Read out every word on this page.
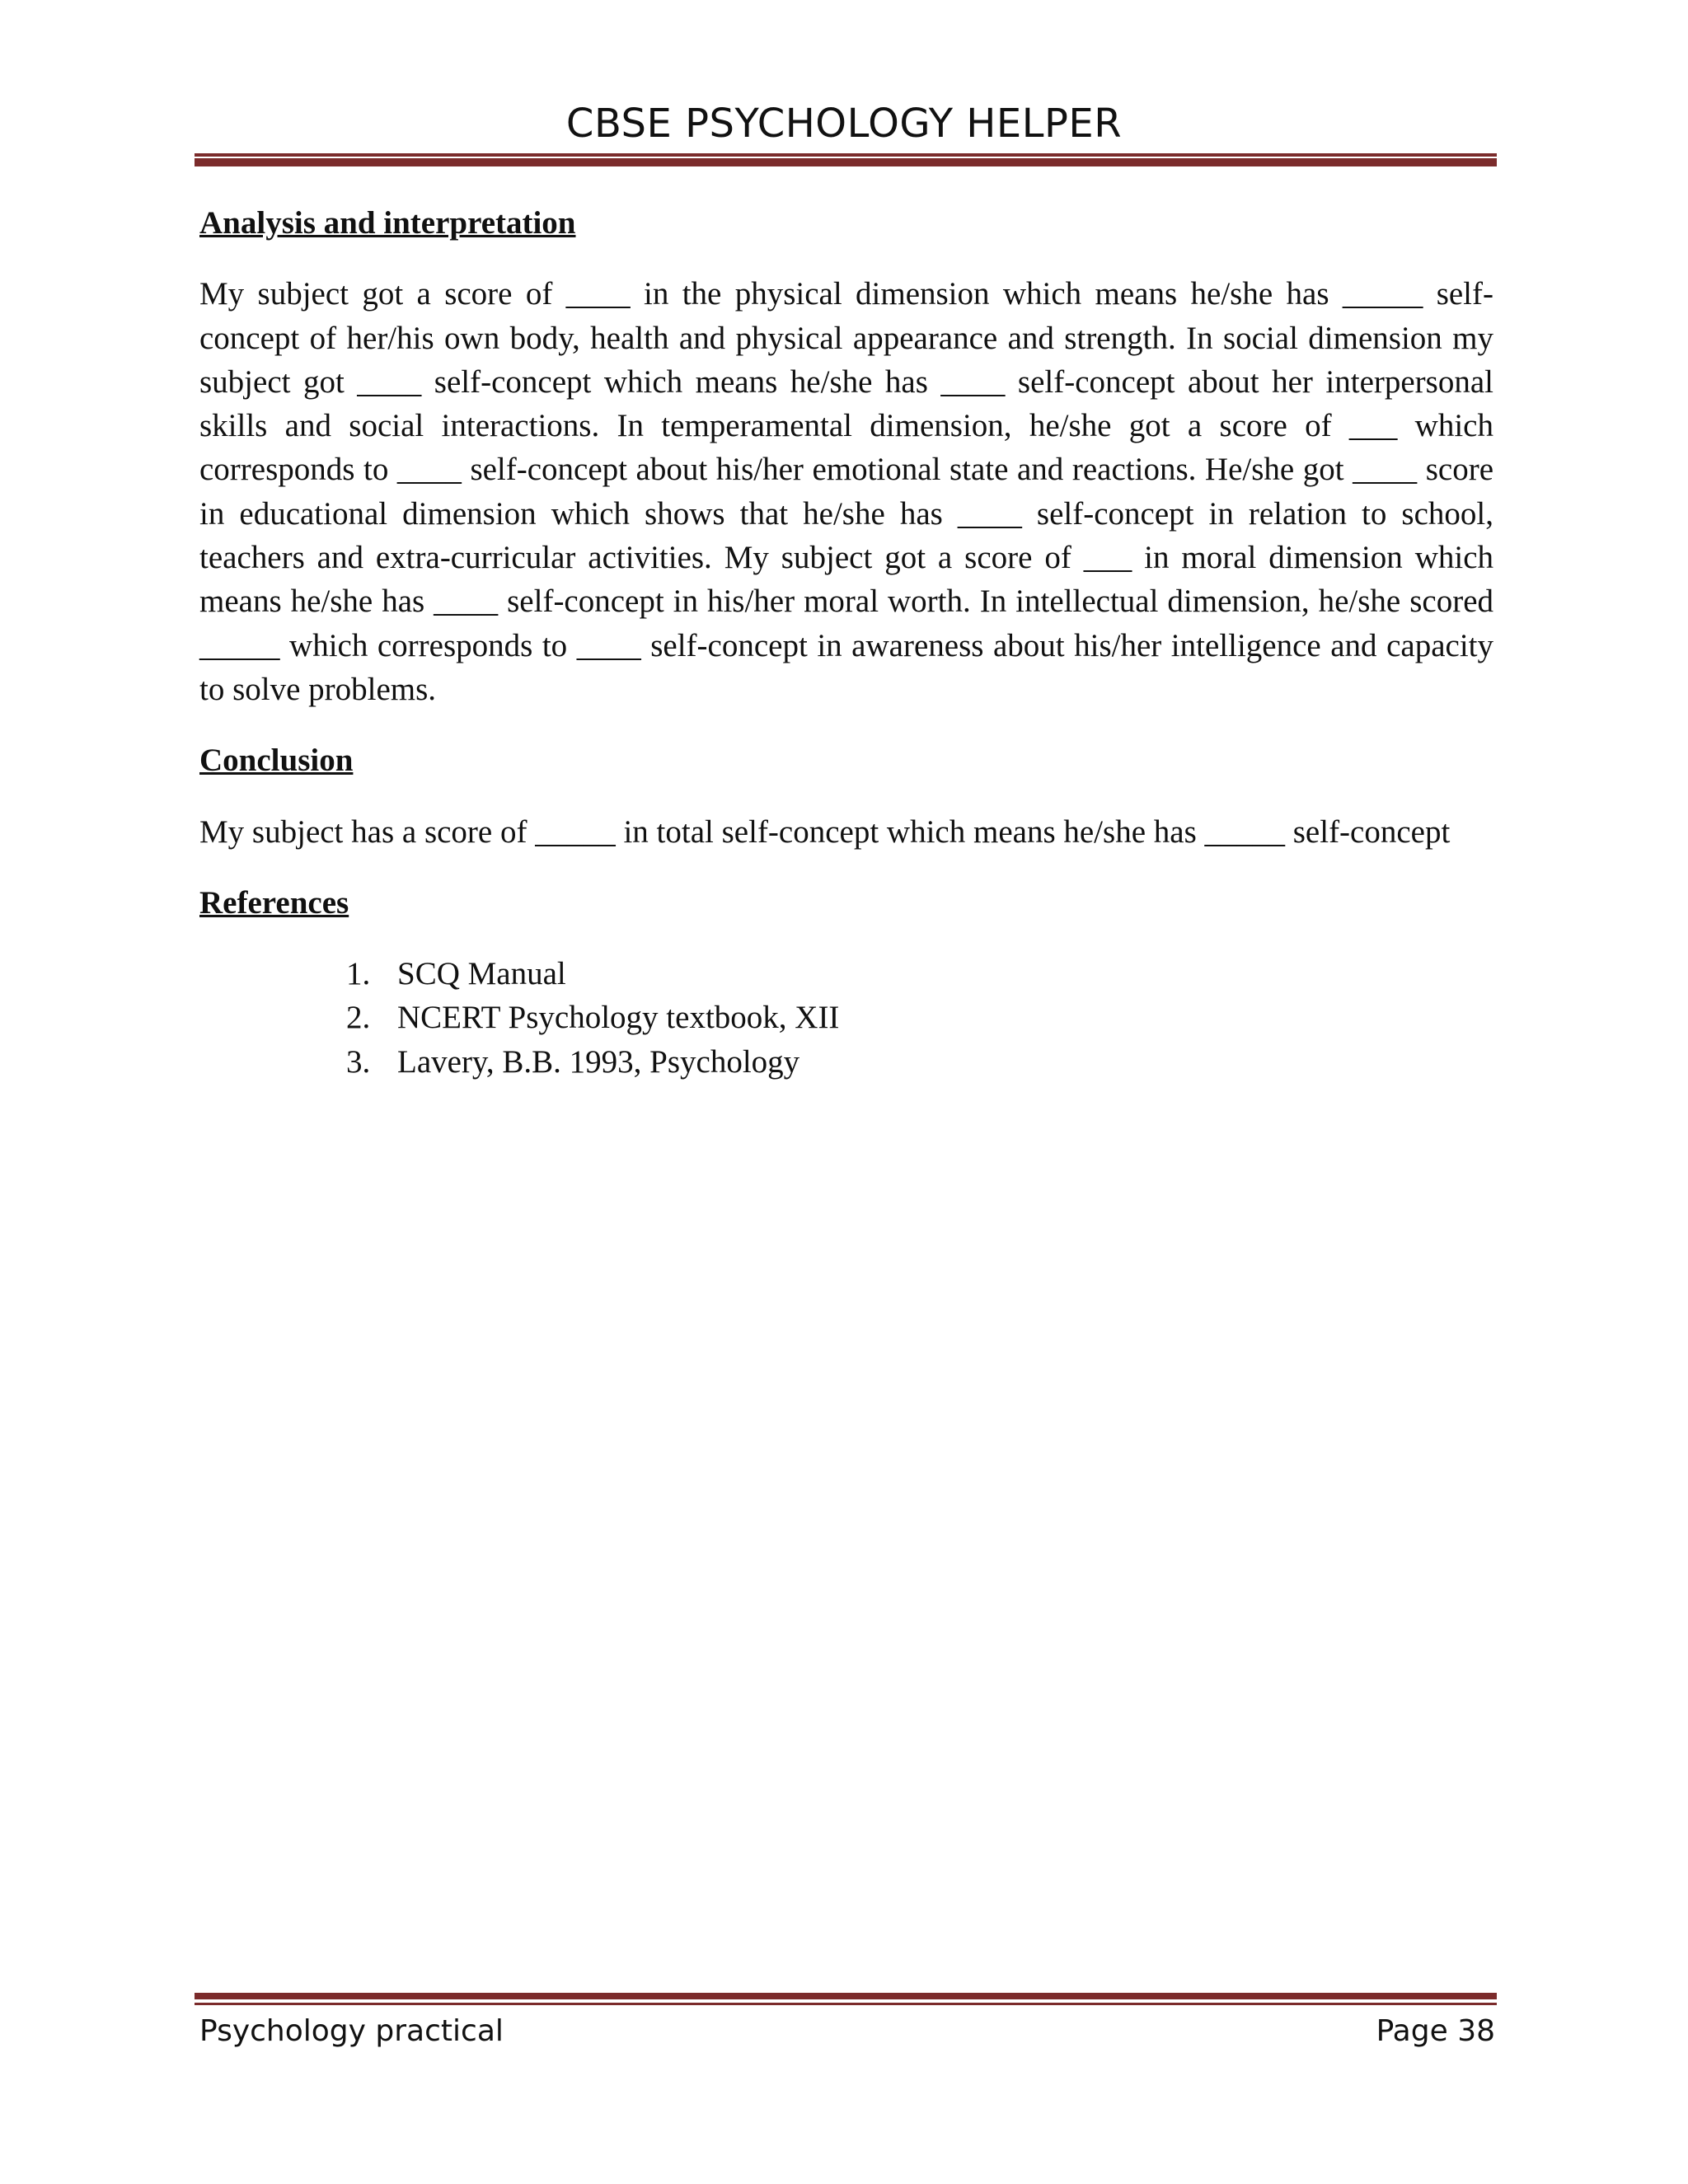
CBSE PSYCHOLOGY HELPER

Analysis and interpretation

My subject got a score of ____ in the physical dimension which means he/she has _____ self-concept of her/his own body, health and physical appearance and strength. In social dimension my subject got ____ self-concept which means he/she has ____ self-concept about her interpersonal skills and social interactions. In temperamental dimension, he/she got a score of ___ which corresponds to ____ self-concept about his/her emotional state and reactions. He/she got ____ score in educational dimension which shows that he/she has ____ self-concept in relation to school, teachers and extra-curricular activities. My subject got a score of ___ in moral dimension which means he/she has ____ self-concept in his/her moral worth. In intellectual dimension, he/she scored _____ which corresponds to ____ self-concept in awareness about his/her intelligence and capacity to solve problems.

Conclusion

My subject has a score of _____ in total self-concept which means he/she has _____ self-concept

References

1. SCQ Manual
2. NCERT Psychology textbook, XII
3. Lavery, B.B. 1993, Psychology
Psychology practical	Page 38
